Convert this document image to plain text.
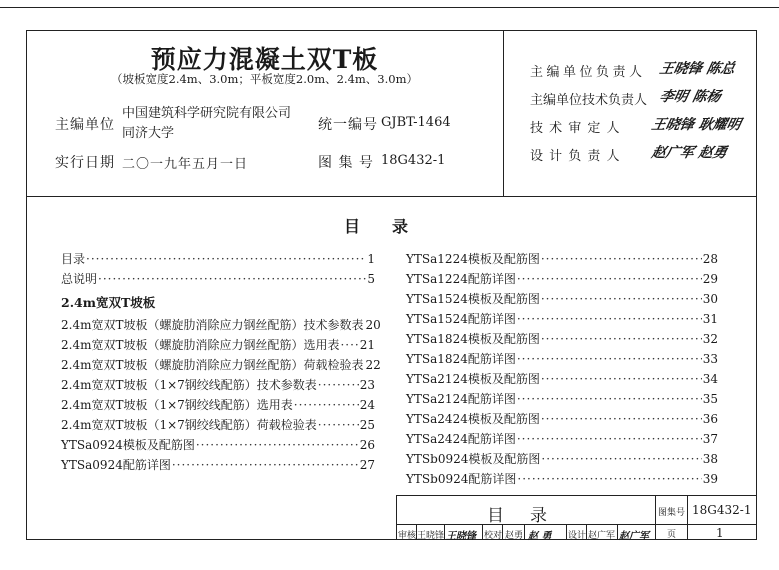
预应力混凝土双T板
（坡板宽度2.4m、3.0m；平板宽度2.0m、2.4m、3.0m）
主编单位
中国建筑科学研究院有限公司
同济大学
统一编号 GJBT-1464
实行日期 二〇一九年五月一日	图 集 号 18G432-1
主编单位负责人 王晓锋 陈总
主编单位技术负责人 李明 陈杨
技 术 审 定 人 王晓锋 耿耀明
设 计 负 责 人 赵广军 赵勇
目　　录
目录 ·····	1
总说明 ·····	5
2.4m宽双T坡板
2.4m宽双T坡板（螺旋肋消除应力钢丝配筋）技术参数表 20
2.4m宽双T坡板（螺旋肋消除应力钢丝配筋）选用表 ····· 21
2.4m宽双T坡板（螺旋肋消除应力钢丝配筋）荷载检验表 22
2.4m宽双T坡板（1×7钢绞线配筋）技术参数表 ·····	23
2.4m宽双T坡板（1×7钢绞线配筋）选用表 ·····	24
2.4m宽双T坡板（1×7钢绞线配筋）荷载检验表 ·····	25
YTSa0924模板及配筋图 ·····	26
YTSa0924配筋详图 ·····	27
YTSa1224模板及配筋图 ·····	28
YTSa1224配筋详图 ·····	29
YTSa1524模板及配筋图 ·····	30
YTSa1524配筋详图 ·····	31
YTSa1824模板及配筋图 ·····	32
YTSa1824配筋详图 ·····	33
YTSa2124模板及配筋图 ·····	34
YTSa2124配筋详图 ·····	35
YTSa2424模板及配筋图 ·····	36
YTSa2424配筋详图 ·····	37
YTSb0924模板及配筋图 ·····	38
YTSb0924配筋详图 ·····	39
目录	图集号 18G432-1
页	1
审核 王晓锋 王晓锋 校对 赵勇 赵 勇 设计 赵广军 赵广军
